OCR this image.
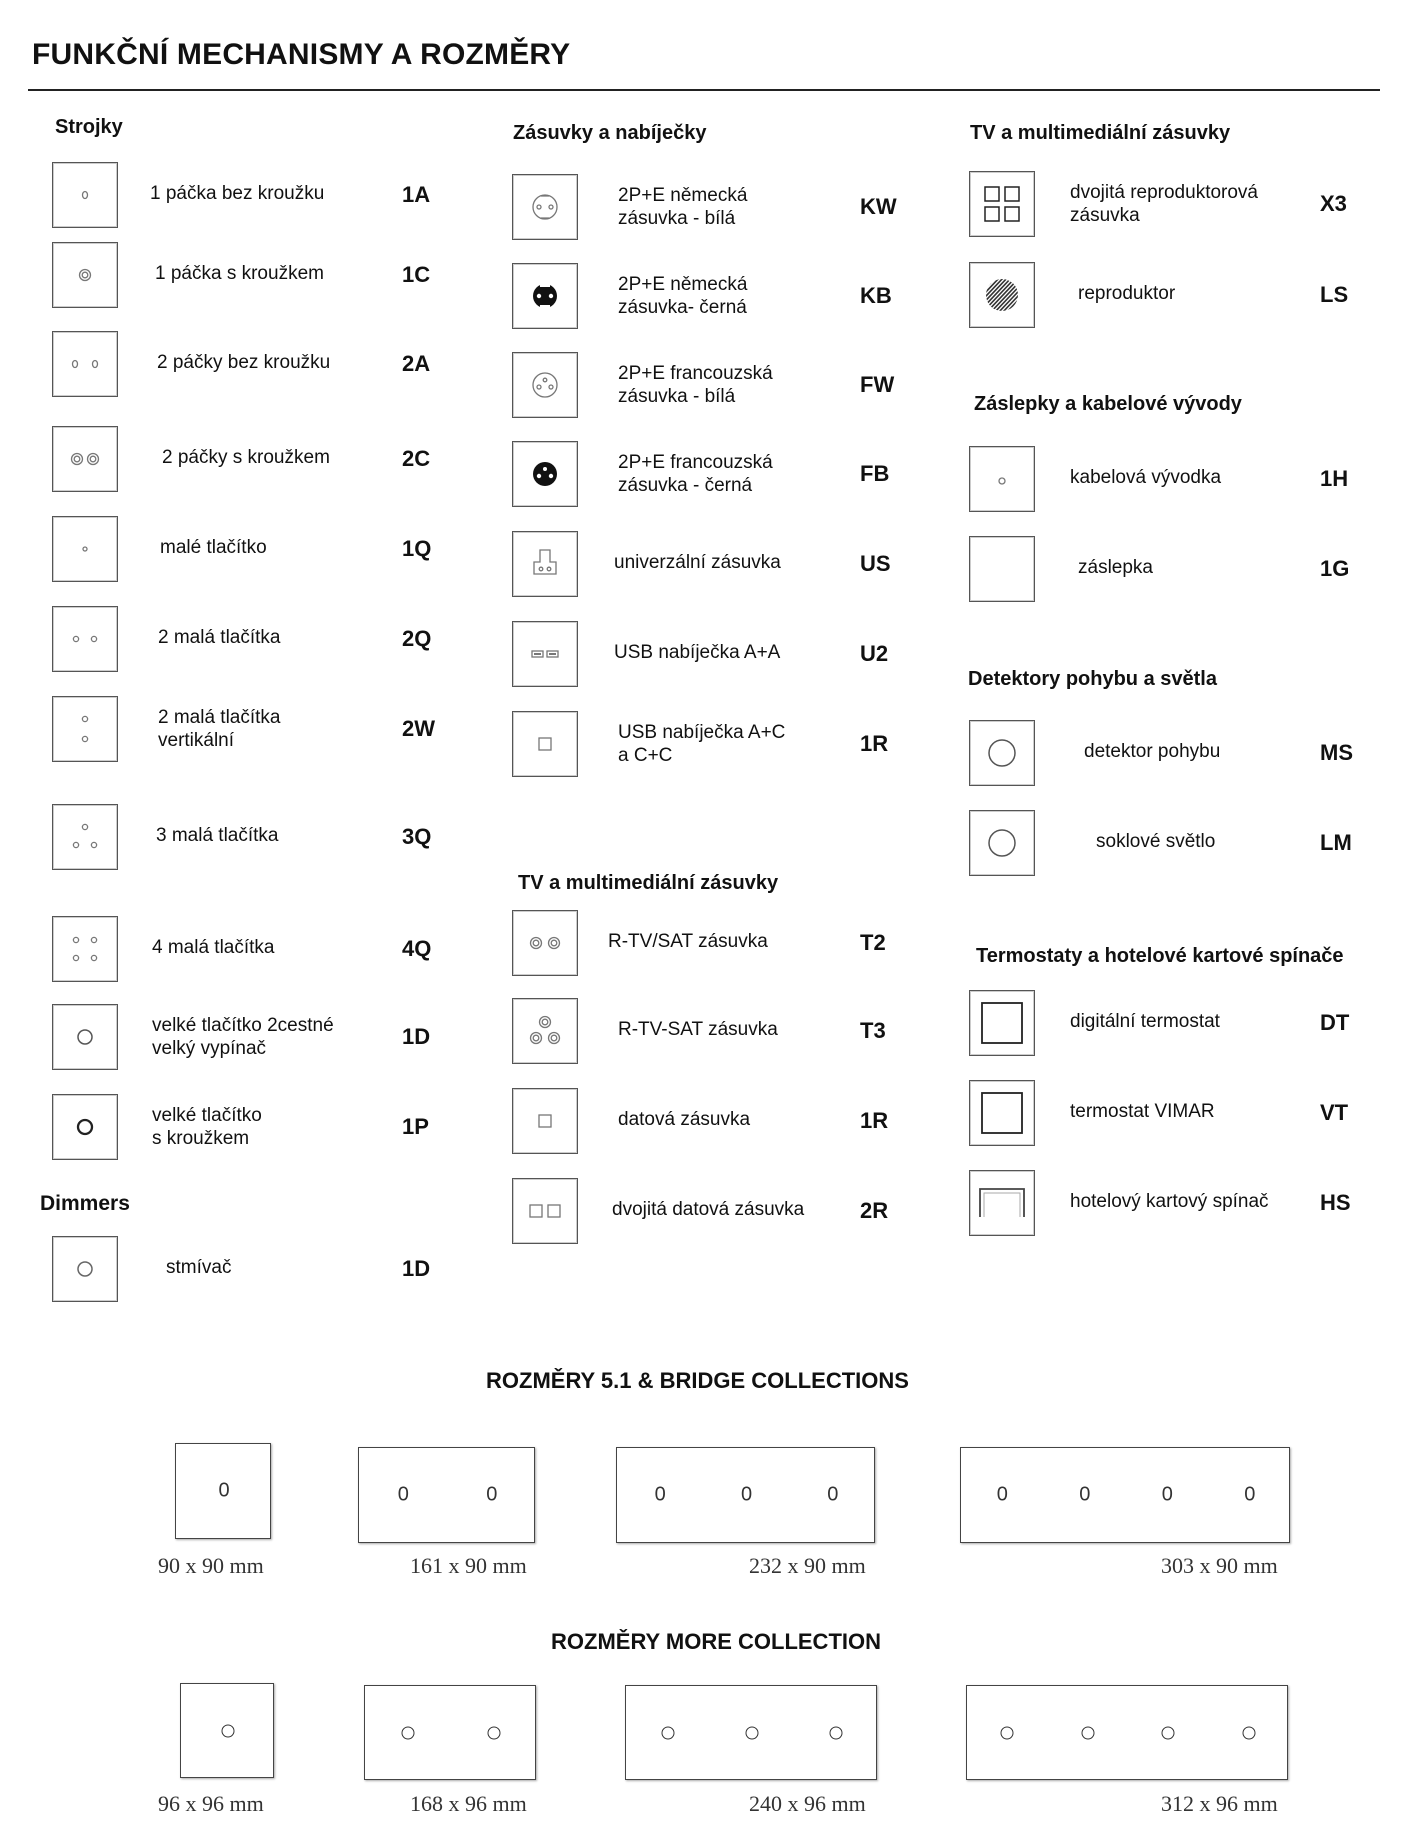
FUNKČNÍ MECHANISMY A ROZMĚRY
Strojky	Zásuvky a nabíječky	TV a multimediální zásuvky
TV a multimediální zásuvky
Záslepky a kabelové vývody
Detektory pohybu a světla
Termostaty a hotelové kartové spínače
Dimmers
1 páčka bez kroužku	1A
1 páčka s kroužkem	1C
2 páčky bez kroužku	2A
2 páčky s kroužkem	2C
malé tlačítko	1Q
2 malá tlačítka	2Q
2 malá tlačítka
vertikální	2W
3 malá tlačítka	3Q
4 malá tlačítka	4Q
velké tlačítko 2cestné
velký vypínač	1D
velké tlačítko
s kroužkem	1P
stmívač	1D
2P+E německá
zásuvka - bílá	KW
2P+E německá
zásuvka- černá	KB
2P+E francouzská
zásuvka - bílá	FW
2P+E francouzská
zásuvka - černá	FB
univerzální zásuvka	US
USB nabíječka A+A	U2
USB nabíječka A+C
a C+C	1R
R-TV/SAT zásuvka	T2
R-TV-SAT zásuvka	T3
datová zásuvka	1R
dvojitá datová zásuvka	2R
dvojitá reproduktorová
zásuvka	X3
reproduktor	LS
kabelová vývodka	1H
záslepka	1G
detektor pohybu	MS
soklové světlo	LM
digitální termostat	DT
termostat VIMAR	VT
hotelový kartový spínač HS
ROZMĚRY 5.1 & BRIDGE COLLECTIONS
ROZMĚRY MORE COLLECTION
0
90 x 90 mm
0	0
161 x 90 mm
0	0	0
232 x 90 mm
0	0	0	0
303 x 90 mm
96 x 96 mm	168 x 96 mm	240 x 96 mm	312 x 96 mm
